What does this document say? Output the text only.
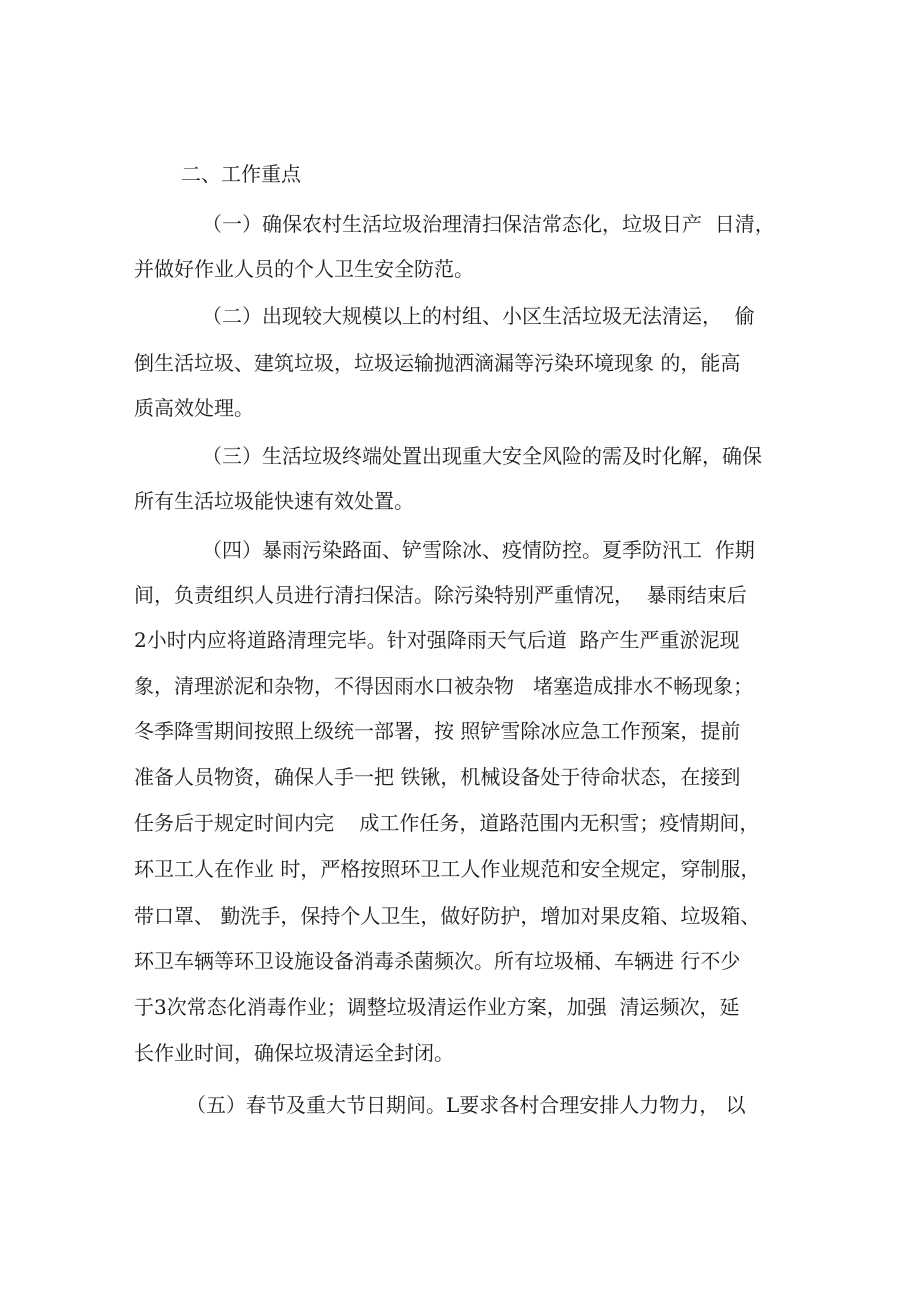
二、工作重点
（一）确保农村生活垃圾治理清扫保洁常态化，垃圾日产  日清，
并做好作业人员的个人卫生安全防范。
（二）出现较大规模以上的村组、小区生活垃圾无法清运，  偷
倒生活垃圾、建筑垃圾，垃圾运输抛洒滴漏等污染环境现象 的，能高
质高效处理。
（三）生活垃圾终端处置出现重大安全风险的需及时化解，确保
所有生活垃圾能快速有效处置。
（四）暴雨污染路面、铲雪除冰、疫情防控。夏季防汛工  作期
间，负责组织人员进行清扫保洁。除污染特别严重情况，  暴雨结束后
2小时内应将道路清理完毕。针对强降雨天气后道  路产生严重淤泥现
象，清理淤泥和杂物，不得因雨水口被杂物   堵塞造成排水不畅现象；
冬季降雪期间按照上级统一部署，按 照铲雪除冰应急工作预案，提前
准备人员物资，确保人手一把 铁锹，机械设备处于待命状态，在接到
任务后于规定时间内完    成工作任务，道路范围内无积雪；疫情期间，
环卫工人在作业 时，严格按照环卫工人作业规范和安全规定，穿制服，
带口罩、 勤洗手，保持个人卫生，做好防护，增加对果皮箱、垃圾箱、
环卫车辆等环卫设施设备消毒杀菌频次。所有垃圾桶、车辆进 行不少
于3次常态化消毒作业；调整垃圾清运作业方案，加强  清运频次，延
长作业时间，确保垃圾清运全封闭。
（五）春节及重大节日期间。L要求各村合理安排人力物力， 以
